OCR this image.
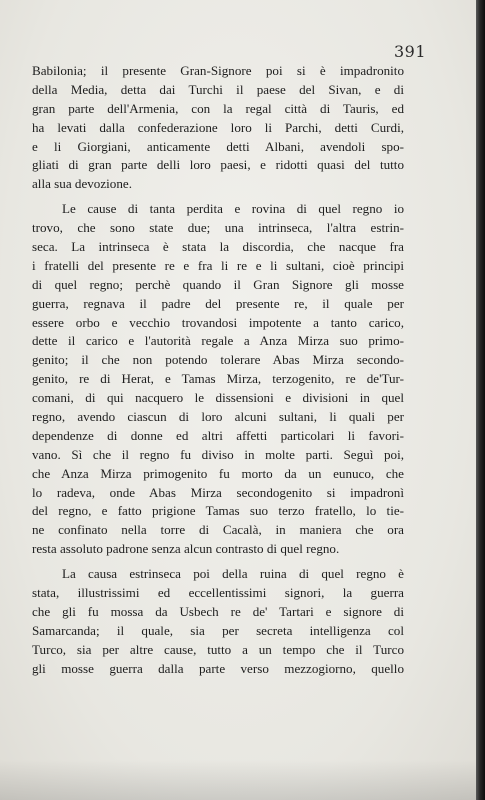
391

Babilonia; il presente Gran-Signore poi si è impadronito
della Media, detta dai Turchi il paese del Sivan, e di
gran parte dell'Armenia, con la regal città di Tauris, ed
ha levati dalla confederazione loro li Parchi, detti Curdi,
e li Giorgiani, anticamente detti Albani, avendoli spo-
gliati di gran parte delli loro paesi, e ridotti quasi del tutto
alla sua devozione.
Le cause di tanta perdita e rovina di quel regno io
trovo, che sono state due; una intrinseca, l'altra estrin-
seca. La intrinseca è stata la discordia, che nacque fra
i fratelli del presente re e fra li re e li sultani, cioè principi
di quel regno; perchè quando il Gran Signore gli mosse
guerra, regnava il padre del presente re, il quale per
essere orbo e vecchio trovandosi impotente a tanto carico,
dette il carico e l'autorità regale a Anza Mirza suo primo-
genito; il che non potendo tolerare Abas Mirza secondo-
genito, re di Herat, e Tamas Mirza, terzogenito, re de'Tur-
comani, di qui nacquero le dissensioni e divisioni in quel
regno, avendo ciascun di loro alcuni sultani, li quali per
dependenze di donne ed altri affetti particolari li favori-
vano. Sì che il regno fu diviso in molte parti. Seguì poi,
che Anza Mirza primogenito fu morto da un eunuco, che
lo radeva, onde Abas Mirza secondogenito si impadronì
del regno, e fatto prigione Tamas suo terzo fratello, lo tie-
ne confinato nella torre di Cacalà, in maniera che ora
resta assoluto padrone senza alcun contrasto di quel regno.
La causa estrinseca poi della ruina di quel regno è
stata, illustrissimi ed eccellentissimi signori, la guerra
che gli fu mossa da Usbech re de' Tartari e signore di
Samarcanda; il quale, sia per secreta intelligenza col
Turco, sia per altre cause, tutto a un tempo che il Turco
gli mosse guerra dalla parte verso mezzogiorno, quello
